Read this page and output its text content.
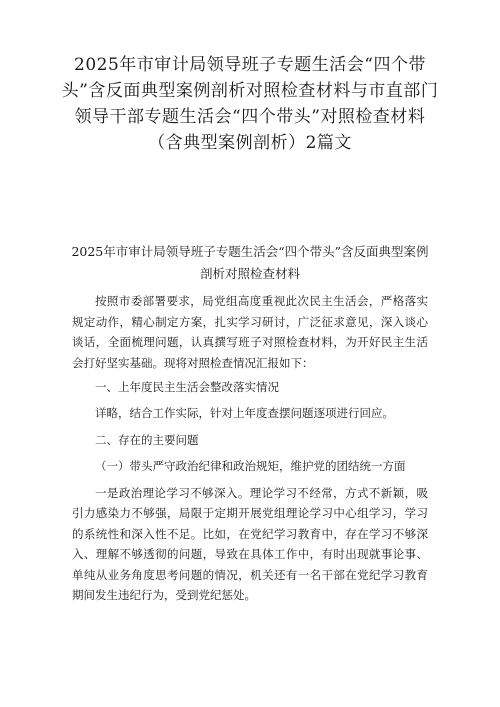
2025年市审计局领导班子专题生活会“四个带头”含反面典型案例剖析对照检查材料与市直部门领导干部专题生活会“四个带头”对照检查材料（含典型案例剖析）2篇文
2025年市审计局领导班子专题生活会“四个带头”含反面典型案例
剖析对照检查材料

按照市委部署要求，局党组高度重视此次民主生活会，严格落实规定动作，精心制定方案，扎实学习研讨，广泛征求意见，深入谈心谈话，全面梳理问题，认真撰写班子对照检查材料，为开好民主生活会打好坚实基础。现将对照检查情况汇报如下：

一、上年度民主生活会整改落实情况

详略，结合工作实际，针对上年度查摆问题逐项进行回应。

二、存在的主要问题

（一）带头严守政治纪律和政治规矩，维护党的团结统一方面

一是政治理论学习不够深入。理论学习不经常，方式不新颖，吸引力感染力不够强，局限于定期开展党组理论学习中心组学习，学习的系统性和深入性不足。比如，在党纪学习教育中，存在学习不够深入、理解不够透彻的问题，导致在具体工作中，有时出现就事论事、单纯从业务角度思考问题的情况，机关还有一名干部在党纪学习教育期间发生违纪行为，受到党纪惩处。
